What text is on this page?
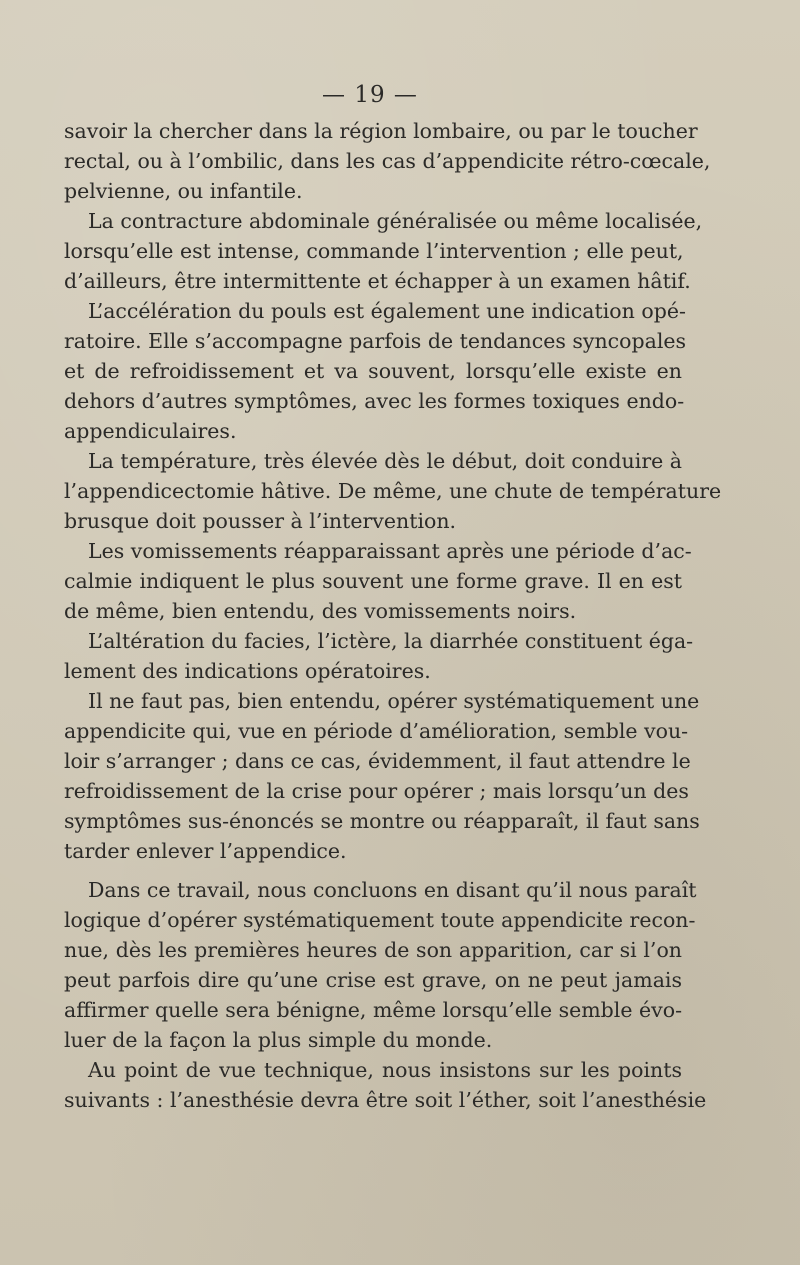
— 19 —
savoir la chercher dans la région lombaire, ou par le toucher
rectal, ou à l’ombilic, dans les cas d’appendicite rétro-cœcale,
pelvienne, ou infantile.
La contracture abdominale généralisée ou même localisée,
lorsqu’elle est intense, commande l’intervention ; elle peut,
d’ailleurs, être intermittente et échapper à un examen hâtif.
L’accélération du pouls est également une indication opé-
ratoire. Elle s’accompagne parfois de tendances syncopales
et de refroidissement et va souvent, lorsqu’elle existe en
dehors d’autres symptômes, avec les formes toxiques endo-
appendiculaires.
La température, très élevée dès le début, doit conduire à
l’appendicectomie hâtive. De même, une chute de température
brusque doit pousser à l’intervention.
Les vomissements réapparaissant après une période d’ac-
calmie indiquent le plus souvent une forme grave. Il en est
de même, bien entendu, des vomissements noirs.
L’altération du facies, l’ictère, la diarrhée constituent éga-
lement des indications opératoires.
Il ne faut pas, bien entendu, opérer systématiquement une
appendicite qui, vue en période d’amélioration, semble vou-
loir s’arranger ; dans ce cas, évidemment, il faut attendre le
refroidissement de la crise pour opérer ; mais lorsqu’un des
symptômes sus-énoncés se montre ou réapparaît, il faut sans
tarder enlever l’appendice.
Dans ce travail, nous concluons en disant qu’il nous paraît
logique d’opérer systématiquement toute appendicite recon-
nue, dès les premières heures de son apparition, car si l’on
peut parfois dire qu’une crise est grave, on ne peut jamais
affirmer quelle sera bénigne, même lorsqu’elle semble évo-
luer de la façon la plus simple du monde.
Au point de vue technique, nous insistons sur les points
suivants : l’anesthésie devra être soit l’éther, soit l’anesthésie
